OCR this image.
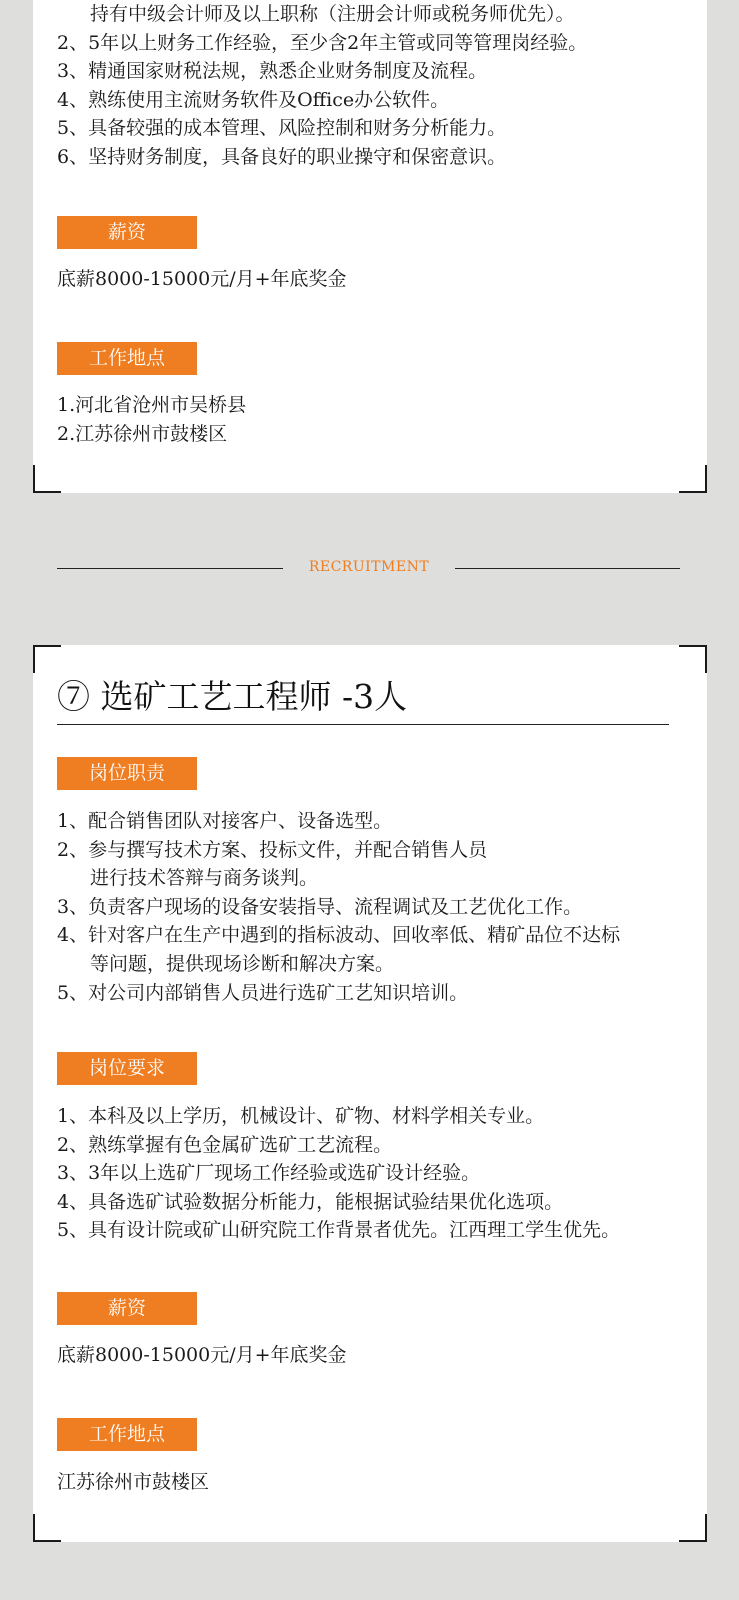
持有中级会计师及以上职称（注册会计师或税务师优先）。
2、5年以上财务工作经验，至少含2年主管或同等管理岗经验。
3、精通国家财税法规，熟悉企业财务制度及流程。
4、熟练使用主流财务软件及Office办公软件。
5、具备较强的成本管理、风险控制和财务分析能力。
6、坚持财务制度，具备良好的职业操守和保密意识。
薪资
底薪8000-15000元/月+年底奖金
工作地点
1.河北省沧州市吴桥县
2.江苏徐州市鼓楼区
RECRUITMENT
⑦ 选矿工艺工程师 -3人
岗位职责
1、配合销售团队对接客户、设备选型。
2、参与撰写技术方案、投标文件，并配合销售人员
进行技术答辩与商务谈判。
3、负责客户现场的设备安装指导、流程调试及工艺优化工作。
4、针对客户在生产中遇到的指标波动、回收率低、精矿品位不达标
等问题，提供现场诊断和解决方案。
5、对公司内部销售人员进行选矿工艺知识培训。
岗位要求
1、本科及以上学历，机械设计、矿物、材料学相关专业。
2、熟练掌握有色金属矿选矿工艺流程。
3、3年以上选矿厂现场工作经验或选矿设计经验。
4、具备选矿试验数据分析能力，能根据试验结果优化选项。
5、具有设计院或矿山研究院工作背景者优先。江西理工学生优先。
薪资
底薪8000-15000元/月+年底奖金
工作地点
江苏徐州市鼓楼区
